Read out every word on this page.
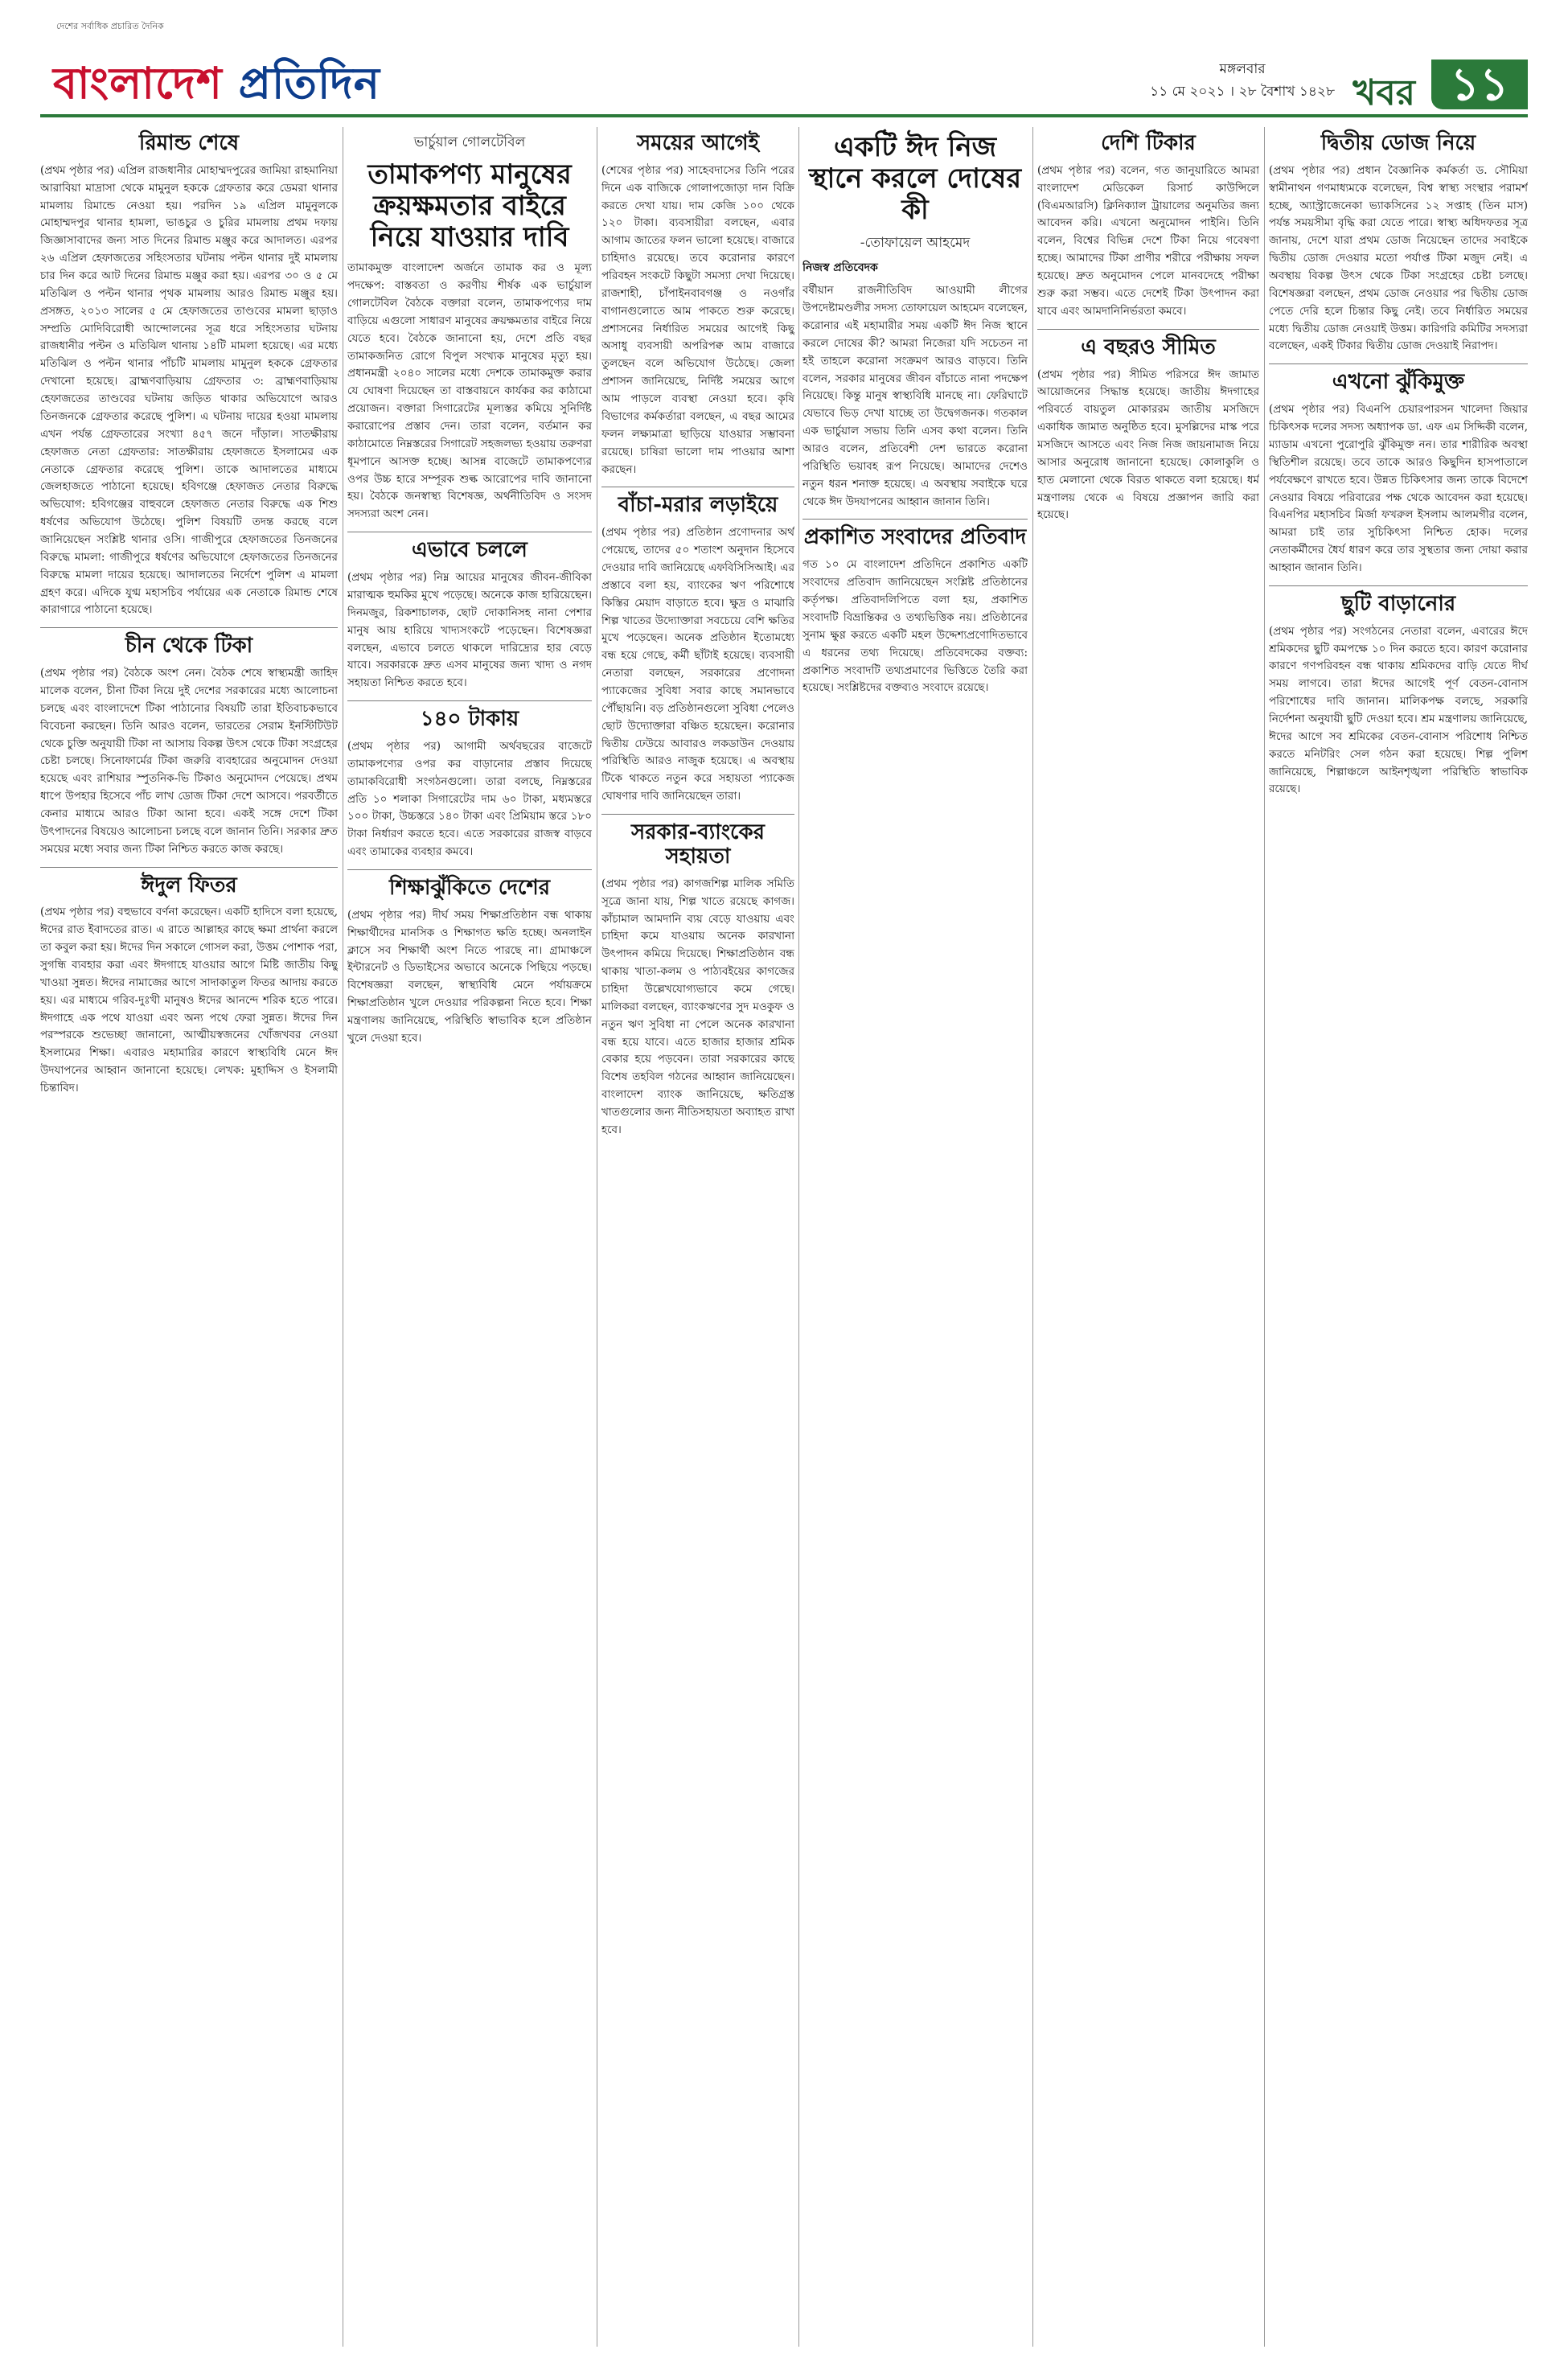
দেশের সর্বাধিক প্রচারিত দৈনিক
বাংলাদেশ প্রতিদিন	মঙ্গলবার
১১ মে ২০২১ । ২৮ বৈশাখ ১৪২৮ খবর ১১
রিমান্ড শেষে
(প্রথম পৃষ্ঠার পর) এপ্রিল রাজধানীর মোহাম্মদপুরের জামিয়া রাহমানিয়া আরাবিয়া মাদ্রাসা থেকে মামুনুল হককে গ্রেফতার করে ডেমরা থানার মামলায় রিমান্ডে নেওয়া হয়। পরদিন ১৯ এপ্রিল মামুনুলকে মোহাম্মদপুর থানার হামলা, ভাঙচুর ও চুরির মামলায় প্রথম দফায় জিজ্ঞাসাবাদের জন্য সাত দিনের রিমান্ড মঞ্জুর করে আদালত। এরপর ২৬ এপ্রিল হেফাজতের সহিংসতার ঘটনায় পল্টন থানার দুই মামলায় চার দিন করে আট দিনের রিমান্ড মঞ্জুর করা হয়। এরপর ৩০ ও ৫ মে মতিঝিল ও পল্টন থানার পৃথক মামলায় আরও রিমান্ড মঞ্জুর হয়। প্রসঙ্গত, ২০১৩ সালের ৫ মে হেফাজতের তাণ্ডবের মামলা ছাড়াও সম্প্রতি মোদিবিরোধী আন্দোলনের সূত্র ধরে সহিংসতার ঘটনায় রাজধানীর পল্টন ও মতিঝিল থানায় ১৪টি মামলা হয়েছে। এর মধ্যে মতিঝিল ও পল্টন থানার পাঁচটি মামলায় মামুনুল হককে গ্রেফতার দেখানো হয়েছে। ব্রাহ্মণবাড়িয়ায় গ্রেফতার ৩: ব্রাহ্মণবাড়িয়ায় হেফাজতের তাণ্ডবের ঘটনায় জড়িত থাকার অভিযোগে আরও তিনজনকে গ্রেফতার করেছে পুলিশ। এ ঘটনায় দায়ের হওয়া মামলায় এখন পর্যন্ত গ্রেফতারের সংখ্যা ৪৫৭ জনে দাঁড়াল। সাতক্ষীরায় হেফাজত নেতা গ্রেফতার: সাতক্ষীরায় হেফাজতে ইসলামের এক নেতাকে গ্রেফতার করেছে পুলিশ। তাকে আদালতের মাধ্যমে জেলহাজতে পাঠানো হয়েছে। হবিগঞ্জে হেফাজত নেতার বিরুদ্ধে অভিযোগ: হবিগঞ্জের বাহুবলে হেফাজত নেতার বিরুদ্ধে এক শিশু ধর্ষণের অভিযোগ উঠেছে। পুলিশ বিষয়টি তদন্ত করছে বলে জানিয়েছেন সংশ্লিষ্ট থানার ওসি। গাজীপুরে হেফাজতের তিনজনের বিরুদ্ধে মামলা: গাজীপুরে ধর্ষণের অভিযোগে হেফাজতের তিনজনের বিরুদ্ধে মামলা দায়ের হয়েছে। আদালতের নির্দেশে পুলিশ এ মামলা গ্রহণ করে। এদিকে যুগ্ম মহাসচিব পর্যায়ের এক নেতাকে রিমান্ড শেষে কারাগারে পাঠানো হয়েছে।
চীন থেকে টিকা
(প্রথম পৃষ্ঠার পর) বৈঠকে অংশ নেন। বৈঠক শেষে স্বাস্থ্যমন্ত্রী জাহিদ মালেক বলেন, চীনা টিকা নিয়ে দুই দেশের সরকারের মধ্যে আলোচনা চলছে এবং বাংলাদেশে টিকা পাঠানোর বিষয়টি তারা ইতিবাচকভাবে বিবেচনা করছেন। তিনি আরও বলেন, ভারতের সেরাম ইনস্টিটিউট থেকে চুক্তি অনুযায়ী টিকা না আসায় বিকল্প উৎস থেকে টিকা সংগ্রহের চেষ্টা চলছে। সিনোফার্মের টিকা জরুরি ব্যবহারের অনুমোদন দেওয়া হয়েছে এবং রাশিয়ার স্পুতনিক-ভি টিকাও অনুমোদন পেয়েছে। প্রথম ধাপে উপহার হিসেবে পাঁচ লাখ ডোজ টিকা দেশে আসবে। পরবর্তীতে কেনার মাধ্যমে আরও টিকা আনা হবে। একই সঙ্গে দেশে টিকা উৎপাদনের বিষয়েও আলোচনা চলছে বলে জানান তিনি। সরকার দ্রুত সময়ের মধ্যে সবার জন্য টিকা নিশ্চিত করতে কাজ করছে।
ঈদুল ফিতর
(প্রথম পৃষ্ঠার পর) বহুভাবে বর্ণনা করেছেন। একটি হাদিসে বলা হয়েছে, ঈদের রাত ইবাদতের রাত। এ রাতে আল্লাহর কাছে ক্ষমা প্রার্থনা করলে তা কবুল করা হয়। ঈদের দিন সকালে গোসল করা, উত্তম পোশাক পরা, সুগন্ধি ব্যবহার করা এবং ঈদগাহে যাওয়ার আগে মিষ্টি জাতীয় কিছু খাওয়া সুন্নত। ঈদের নামাজের আগে সাদাকাতুল ফিতর আদায় করতে হয়। এর মাধ্যমে গরিব-দুঃখী মানুষও ঈদের আনন্দে শরিক হতে পারে। ঈদগাহে এক পথে যাওয়া এবং অন্য পথে ফেরা সুন্নত। ঈদের দিন পরস্পরকে শুভেচ্ছা জানানো, আত্মীয়স্বজনের খোঁজখবর নেওয়া ইসলামের শিক্ষা। এবারও মহামারির কারণে স্বাস্থ্যবিধি মেনে ঈদ উদযাপনের আহ্বান জানানো হয়েছে। লেখক: মুহাদ্দিস ও ইসলামী চিন্তাবিদ।
ভার্চুয়াল গোলটেবিল
তামাকপণ্য মানুষের ক্রয়ক্ষমতার বাইরে নিয়ে যাওয়ার দাবি
তামাকমুক্ত বাংলাদেশ অর্জনে তামাক কর ও মূল্য পদক্ষেপ: বাস্তবতা ও করণীয় শীর্ষক এক ভার্চুয়াল গোলটেবিল বৈঠকে বক্তারা বলেন, তামাকপণ্যের দাম বাড়িয়ে এগুলো সাধারণ মানুষের ক্রয়ক্ষমতার বাইরে নিয়ে যেতে হবে। বৈঠকে জানানো হয়, দেশে প্রতি বছর তামাকজনিত রোগে বিপুল সংখ্যক মানুষের মৃত্যু হয়। প্রধানমন্ত্রী ২০৪০ সালের মধ্যে দেশকে তামাকমুক্ত করার যে ঘোষণা দিয়েছেন তা বাস্তবায়নে কার্যকর কর কাঠামো প্রয়োজন। বক্তারা সিগারেটের মূল্যস্তর কমিয়ে সুনির্দিষ্ট করারোপের প্রস্তাব দেন। তারা বলেন, বর্তমান কর কাঠামোতে নিম্নস্তরের সিগারেট সহজলভ্য হওয়ায় তরুণরা ধূমপানে আসক্ত হচ্ছে। আসন্ন বাজেটে তামাকপণ্যের ওপর উচ্চ হারে সম্পূরক শুল্ক আরোপের দাবি জানানো হয়। বৈঠকে জনস্বাস্থ্য বিশেষজ্ঞ, অর্থনীতিবিদ ও সংসদ সদস্যরা অংশ নেন।
এভাবে চললে
(প্রথম পৃষ্ঠার পর) নিম্ন আয়ের মানুষের জীবন-জীবিকা মারাত্মক হুমকির মুখে পড়েছে। অনেকে কাজ হারিয়েছেন। দিনমজুর, রিকশাচালক, ছোট দোকানিসহ নানা পেশার মানুষ আয় হারিয়ে খাদ্যসংকটে পড়েছেন। বিশেষজ্ঞরা বলছেন, এভাবে চলতে থাকলে দারিদ্র্যের হার বেড়ে যাবে। সরকারকে দ্রুত এসব মানুষের জন্য খাদ্য ও নগদ সহায়তা নিশ্চিত করতে হবে।
১৪০ টাকায়
(প্রথম পৃষ্ঠার পর) আগামী অর্থবছরের বাজেটে তামাকপণ্যের ওপর কর বাড়ানোর প্রস্তাব দিয়েছে তামাকবিরোধী সংগঠনগুলো। তারা বলছে, নিম্নস্তরের প্রতি ১০ শলাকা সিগারেটের দাম ৬০ টাকা, মধ্যমস্তরে ১০০ টাকা, উচ্চস্তরে ১৪০ টাকা এবং প্রিমিয়াম স্তরে ১৮০ টাকা নির্ধারণ করতে হবে। এতে সরকারের রাজস্ব বাড়বে এবং তামাকের ব্যবহার কমবে।
শিক্ষাঝুঁকিতে দেশের
(প্রথম পৃষ্ঠার পর) দীর্ঘ সময় শিক্ষাপ্রতিষ্ঠান বন্ধ থাকায় শিক্ষার্থীদের মানসিক ও শিক্ষাগত ক্ষতি হচ্ছে। অনলাইন ক্লাসে সব শিক্ষার্থী অংশ নিতে পারছে না। গ্রামাঞ্চলে ইন্টারনেট ও ডিভাইসের অভাবে অনেকে পিছিয়ে পড়ছে। বিশেষজ্ঞরা বলছেন, স্বাস্থ্যবিধি মেনে পর্যায়ক্রমে শিক্ষাপ্রতিষ্ঠান খুলে দেওয়ার পরিকল্পনা নিতে হবে। শিক্ষা মন্ত্রণালয় জানিয়েছে, পরিস্থিতি স্বাভাবিক হলে প্রতিষ্ঠান খুলে দেওয়া হবে।
সময়ের আগেই
(শেষের পৃষ্ঠার পর) সাহেবদাসের তিনি পরের দিনে এক বাজিকে গোলাপজোড়া দান বিক্রি করতে দেখা যায়। দাম কেজি ১০০ থেকে ১২০ টাকা। ব্যবসায়ীরা বলছেন, এবার আগাম জাতের ফলন ভালো হয়েছে। বাজারে চাহিদাও রয়েছে। তবে করোনার কারণে পরিবহন সংকটে কিছুটা সমস্যা দেখা দিয়েছে। রাজশাহী, চাঁপাইনবাবগঞ্জ ও নওগাঁর বাগানগুলোতে আম পাকতে শুরু করেছে। প্রশাসনের নির্ধারিত সময়ের আগেই কিছু অসাধু ব্যবসায়ী অপরিপক্ব আম বাজারে তুলছেন বলে অভিযোগ উঠেছে। জেলা প্রশাসন জানিয়েছে, নির্দিষ্ট সময়ের আগে আম পাড়লে ব্যবস্থা নেওয়া হবে। কৃষি বিভাগের কর্মকর্তারা বলছেন, এ বছর আমের ফলন লক্ষ্যমাত্রা ছাড়িয়ে যাওয়ার সম্ভাবনা রয়েছে। চাষিরা ভালো দাম পাওয়ার আশা করছেন।
বাঁচা-মরার লড়াইয়ে
(প্রথম পৃষ্ঠার পর) প্রতিষ্ঠান প্রণোদনার অর্থ পেয়েছে, তাদের ৫০ শতাংশ অনুদান হিসেবে দেওয়ার দাবি জানিয়েছে এফবিসিসিআই। এর প্রস্তাবে বলা হয়, ব্যাংকের ঋণ পরিশোধে কিস্তির মেয়াদ বাড়াতে হবে। ক্ষুদ্র ও মাঝারি শিল্প খাতের উদ্যোক্তারা সবচেয়ে বেশি ক্ষতির মুখে পড়েছেন। অনেক প্রতিষ্ঠান ইতোমধ্যে বন্ধ হয়ে গেছে, কর্মী ছাঁটাই হয়েছে। ব্যবসায়ী নেতারা বলছেন, সরকারের প্রণোদনা প্যাকেজের সুবিধা সবার কাছে সমানভাবে পৌঁছায়নি। বড় প্রতিষ্ঠানগুলো সুবিধা পেলেও ছোট উদ্যোক্তারা বঞ্চিত হয়েছেন। করোনার দ্বিতীয় ঢেউয়ে আবারও লকডাউন দেওয়ায় পরিস্থিতি আরও নাজুক হয়েছে। এ অবস্থায় টিকে থাকতে নতুন করে সহায়তা প্যাকেজ ঘোষণার দাবি জানিয়েছেন তারা।
সরকার-ব্যাংকের সহায়তা
(প্রথম পৃষ্ঠার পর) কাগজশিল্প মালিক সমিতি সূত্রে জানা যায়, শিল্প খাতে রয়েছে কাগজ। কাঁচামাল আমদানি ব্যয় বেড়ে যাওয়ায় এবং চাহিদা কমে যাওয়ায় অনেক কারখানা উৎপাদন কমিয়ে দিয়েছে। শিক্ষাপ্রতিষ্ঠান বন্ধ থাকায় খাতা-কলম ও পাঠ্যবইয়ের কাগজের চাহিদা উল্লেখযোগ্যভাবে কমে গেছে। মালিকরা বলছেন, ব্যাংকঋণের সুদ মওকুফ ও নতুন ঋণ সুবিধা না পেলে অনেক কারখানা বন্ধ হয়ে যাবে। এতে হাজার হাজার শ্রমিক বেকার হয়ে পড়বেন। তারা সরকারের কাছে বিশেষ তহবিল গঠনের আহ্বান জানিয়েছেন। বাংলাদেশ ব্যাংক জানিয়েছে, ক্ষতিগ্রস্ত খাতগুলোর জন্য নীতিসহায়তা অব্যাহত রাখা হবে।
একটি ঈদ নিজ স্থানে করলে দোষের কী
-তোফায়েল আহমেদ
নিজস্ব প্রতিবেদক
বর্ষীয়ান রাজনীতিবিদ আওয়ামী লীগের উপদেষ্টামণ্ডলীর সদস্য তোফায়েল আহমেদ বলেছেন, করোনার এই মহামারীর সময় একটি ঈদ নিজ স্থানে করলে দোষের কী? আমরা নিজেরা যদি সচেতন না হই তাহলে করোনা সংক্রমণ আরও বাড়বে। তিনি বলেন, সরকার মানুষের জীবন বাঁচাতে নানা পদক্ষেপ নিয়েছে। কিন্তু মানুষ স্বাস্থ্যবিধি মানছে না। ফেরিঘাটে যেভাবে ভিড় দেখা যাচ্ছে তা উদ্বেগজনক। গতকাল এক ভার্চুয়াল সভায় তিনি এসব কথা বলেন। তিনি আরও বলেন, প্রতিবেশী দেশ ভারতে করোনা পরিস্থিতি ভয়াবহ রূপ নিয়েছে। আমাদের দেশেও নতুন ধরন শনাক্ত হয়েছে। এ অবস্থায় সবাইকে ঘরে থেকে ঈদ উদযাপনের আহ্বান জানান তিনি।
প্রকাশিত সংবাদের প্রতিবাদ
গত ১০ মে বাংলাদেশ প্রতিদিনে প্রকাশিত একটি সংবাদের প্রতিবাদ জানিয়েছেন সংশ্লিষ্ট প্রতিষ্ঠানের কর্তৃপক্ষ। প্রতিবাদলিপিতে বলা হয়, প্রকাশিত সংবাদটি বিভ্রান্তিকর ও তথ্যভিত্তিক নয়। প্রতিষ্ঠানের সুনাম ক্ষুণ্ণ করতে একটি মহল উদ্দেশ্যপ্রণোদিতভাবে এ ধরনের তথ্য দিয়েছে। প্রতিবেদকের বক্তব্য: প্রকাশিত সংবাদটি তথ্যপ্রমাণের ভিত্তিতে তৈরি করা হয়েছে। সংশ্লিষ্টদের বক্তব্যও সংবাদে রয়েছে।
দেশি টিকার
(প্রথম পৃষ্ঠার পর) বলেন, গত জানুয়ারিতে আমরা বাংলাদেশ মেডিকেল রিসার্চ কাউন্সিলে (বিএমআরসি) ক্লিনিক্যাল ট্রায়ালের অনুমতির জন্য আবেদন করি। এখনো অনুমোদন পাইনি। তিনি বলেন, বিশ্বের বিভিন্ন দেশে টিকা নিয়ে গবেষণা হচ্ছে। আমাদের টিকা প্রাণীর শরীরে পরীক্ষায় সফল হয়েছে। দ্রুত অনুমোদন পেলে মানবদেহে পরীক্ষা শুরু করা সম্ভব। এতে দেশেই টিকা উৎপাদন করা যাবে এবং আমদানিনির্ভরতা কমবে।
এ বছরও সীমিত
(প্রথম পৃষ্ঠার পর) সীমিত পরিসরে ঈদ জামাত আয়োজনের সিদ্ধান্ত হয়েছে। জাতীয় ঈদগাহের পরিবর্তে বায়তুল মোকাররম জাতীয় মসজিদে একাধিক জামাত অনুষ্ঠিত হবে। মুসল্লিদের মাস্ক পরে মসজিদে আসতে এবং নিজ নিজ জায়নামাজ নিয়ে আসার অনুরোধ জানানো হয়েছে। কোলাকুলি ও হাত মেলানো থেকে বিরত থাকতে বলা হয়েছে। ধর্ম মন্ত্রণালয় থেকে এ বিষয়ে প্রজ্ঞাপন জারি করা হয়েছে।
দ্বিতীয় ডোজ নিয়ে
(প্রথম পৃষ্ঠার পর) প্রধান বৈজ্ঞানিক কর্মকর্তা ড. সৌমিয়া স্বামীনাথন গণমাধ্যমকে বলেছেন, বিশ্ব স্বাস্থ্য সংস্থার পরামর্শ হচ্ছে, অ্যাস্ট্রাজেনেকা ভ্যাকসিনের ১২ সপ্তাহ (তিন মাস) পর্যন্ত সময়সীমা বৃদ্ধি করা যেতে পারে। স্বাস্থ্য অধিদফতর সূত্র জানায়, দেশে যারা প্রথম ডোজ নিয়েছেন তাদের সবাইকে দ্বিতীয় ডোজ দেওয়ার মতো পর্যাপ্ত টিকা মজুদ নেই। এ অবস্থায় বিকল্প উৎস থেকে টিকা সংগ্রহের চেষ্টা চলছে। বিশেষজ্ঞরা বলছেন, প্রথম ডোজ নেওয়ার পর দ্বিতীয় ডোজ পেতে দেরি হলে চিন্তার কিছু নেই। তবে নির্ধারিত সময়ের মধ্যে দ্বিতীয় ডোজ নেওয়াই উত্তম। কারিগরি কমিটির সদস্যরা বলেছেন, একই টিকার দ্বিতীয় ডোজ দেওয়াই নিরাপদ।
এখনো ঝুঁকিমুক্ত
(প্রথম পৃষ্ঠার পর) বিএনপি চেয়ারপারসন খালেদা জিয়ার চিকিৎসক দলের সদস্য অধ্যাপক ডা. এফ এম সিদ্দিকী বলেন, ম্যাডাম এখনো পুরোপুরি ঝুঁকিমুক্ত নন। তার শারীরিক অবস্থা স্থিতিশীল রয়েছে। তবে তাকে আরও কিছুদিন হাসপাতালে পর্যবেক্ষণে রাখতে হবে। উন্নত চিকিৎসার জন্য তাকে বিদেশে নেওয়ার বিষয়ে পরিবারের পক্ষ থেকে আবেদন করা হয়েছে। বিএনপির মহাসচিব মির্জা ফখরুল ইসলাম আলমগীর বলেন, আমরা চাই তার সুচিকিৎসা নিশ্চিত হোক। দলের নেতাকর্মীদের ধৈর্য ধারণ করে তার সুস্থতার জন্য দোয়া করার আহ্বান জানান তিনি।
ছুটি বাড়ানোর
(প্রথম পৃষ্ঠার পর) সংগঠনের নেতারা বলেন, এবারের ঈদে শ্রমিকদের ছুটি কমপক্ষে ১০ দিন করতে হবে। কারণ করোনার কারণে গণপরিবহন বন্ধ থাকায় শ্রমিকদের বাড়ি যেতে দীর্ঘ সময় লাগবে। তারা ঈদের আগেই পূর্ণ বেতন-বোনাস পরিশোধের দাবি জানান। মালিকপক্ষ বলছে, সরকারি নির্দেশনা অনুযায়ী ছুটি দেওয়া হবে। শ্রম মন্ত্রণালয় জানিয়েছে, ঈদের আগে সব শ্রমিকের বেতন-বোনাস পরিশোধ নিশ্চিত করতে মনিটরিং সেল গঠন করা হয়েছে। শিল্প পুলিশ জানিয়েছে, শিল্পাঞ্চলে আইনশৃঙ্খলা পরিস্থিতি স্বাভাবিক রয়েছে।
